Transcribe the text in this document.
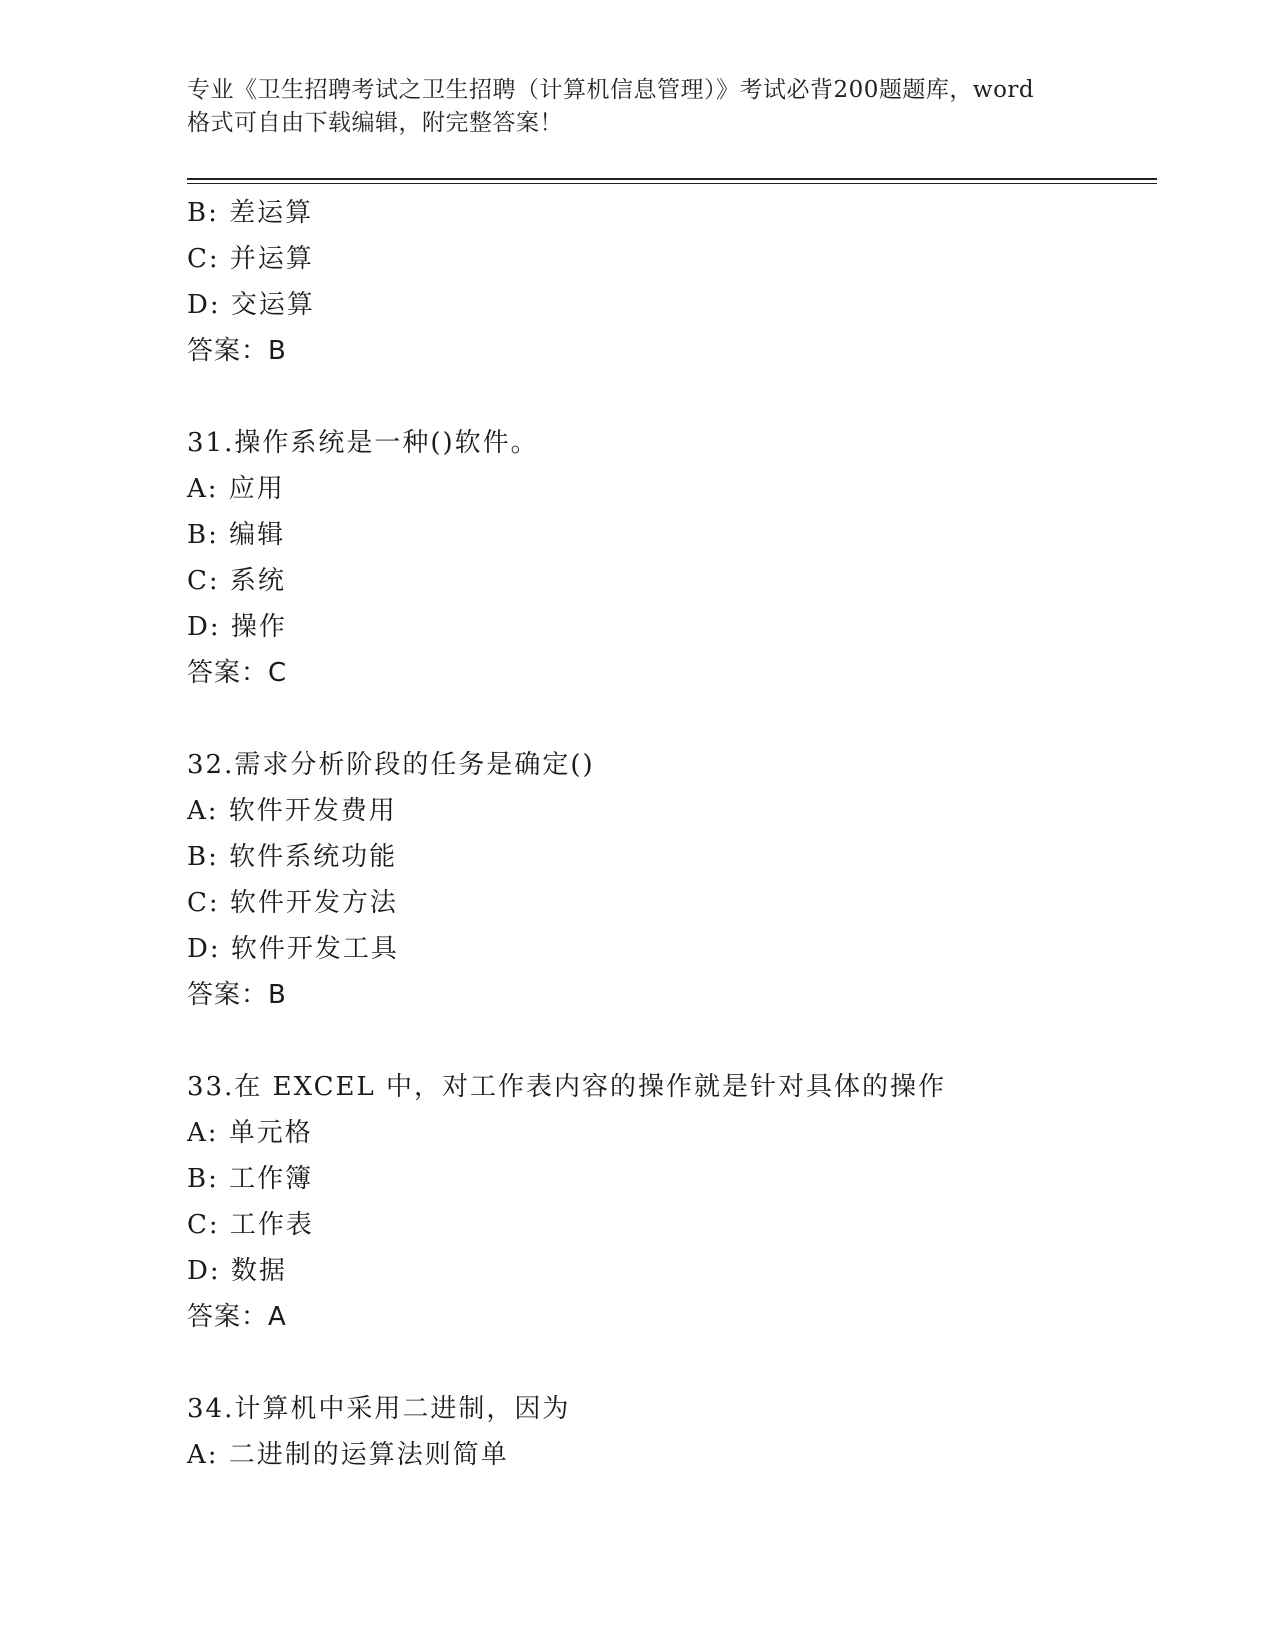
专业《卫生招聘考试之卫生招聘（计算机信息管理）》考试必背200题题库，word
格式可自由下载编辑，附完整答案！
B: 差运算
C: 并运算
D: 交运算
答案：B
31.操作系统是一种()软件。
A: 应用
B: 编辑
C: 系统
D: 操作
答案：C
32.需求分析阶段的任务是确定()
A: 软件开发费用
B: 软件系统功能
C: 软件开发方法
D: 软件开发工具
答案：B
33.在 EXCEL 中，对工作表内容的操作就是针对具体的操作
A: 单元格
B: 工作簿
C: 工作表
D: 数据
答案：A
34.计算机中采用二进制，因为
A: 二进制的运算法则简单
